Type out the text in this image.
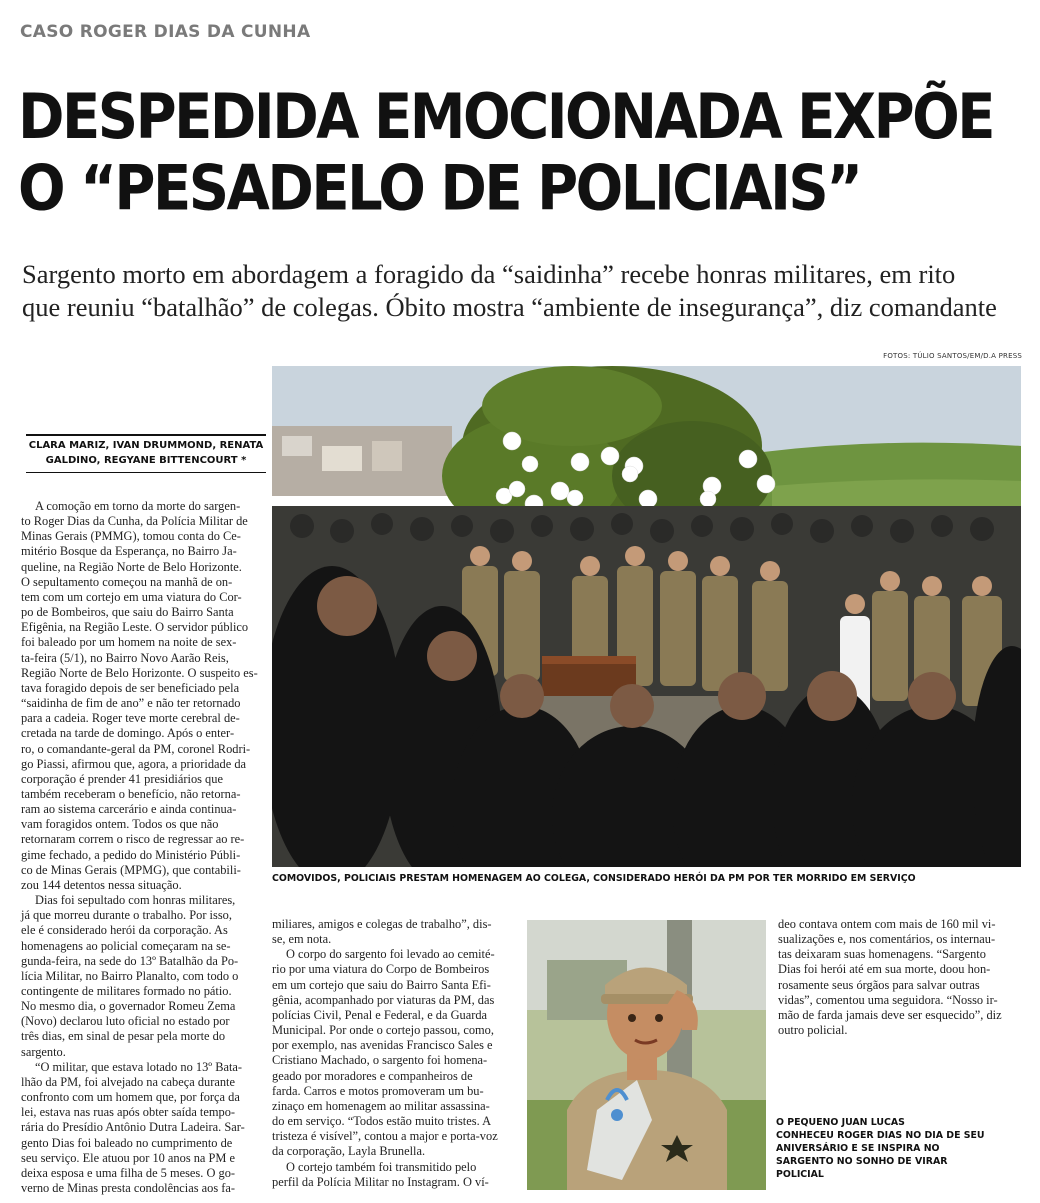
CASO ROGER DIAS DA CUNHA
DESPEDIDA EMOCIONADA EXPÕE
O “PESADELO DE POLICIAIS”
Sargento morto em abordagem a foragido da “saidinha” recebe honras militares, em rito
que reuniu “batalhão” de colegas. Óbito mostra “ambiente de insegurança”, diz comandante
FOTOS: TÚLIO SANTOS/EM/D.A PRESS
COMOVIDOS, POLICIAIS PRESTAM HOMENAGEM AO COLEGA, CONSIDERADO HERÓI DA PM POR TER MORRIDO EM SERVIÇO
CLARA MARIZ, IVAN DRUMMOND, RENATA
GALDINO, REGYANE BITTENCOURT *
A comoção em torno da morte do sargen-
to Roger Dias da Cunha, da Polícia Militar de
Minas Gerais (PMMG), tomou conta do Ce-
mitério Bosque da Esperança, no Bairro Ja-
queline, na Região Norte de Belo Horizonte.
O sepultamento começou na manhã de on-
tem com um cortejo em uma viatura do Cor-
po de Bombeiros, que saiu do Bairro Santa
Efigênia, na Região Leste. O servidor público
foi baleado por um homem na noite de sex-
ta-feira (5/1), no Bairro Novo Aarão Reis,
Região Norte de Belo Horizonte. O suspeito es-
tava foragido depois de ser beneficiado pela
“saidinha de fim de ano” e não ter retornado
para a cadeia. Roger teve morte cerebral de-
cretada na tarde de domingo. Após o enter-
ro, o comandante-geral da PM, coronel Rodri-
go Piassi, afirmou que, agora, a prioridade da
corporação é prender 41 presidiários que
também receberam o benefício, não retorna-
ram ao sistema carcerário e ainda continua-
vam foragidos ontem. Todos os que não
retornaram correm o risco de regressar ao re-
gime fechado, a pedido do Ministério Públi-
co de Minas Gerais (MPMG), que contabili-
zou 144 detentos nessa situação.
Dias foi sepultado com honras militares,
já que morreu durante o trabalho. Por isso,
ele é considerado herói da corporação. As
homenagens ao policial começaram na se-
gunda-feira, na sede do 13º Batalhão da Po-
lícia Militar, no Bairro Planalto, com todo o
contingente de militares formado no pátio.
No mesmo dia, o governador Romeu Zema
(Novo) declarou luto oficial no estado por
três dias, em sinal de pesar pela morte do
sargento.
“O militar, que estava lotado no 13º Bata-
lhão da PM, foi alvejado na cabeça durante
confronto com um homem que, por força da
lei, estava nas ruas após obter saída tempo-
rária do Presídio Antônio Dutra Ladeira. Sar-
gento Dias foi baleado no cumprimento de
seu serviço. Ele atuou por 10 anos na PM e
deixa esposa e uma filha de 5 meses. O go-
verno de Minas presta condolências aos fa-
miliares, amigos e colegas de trabalho”, dis-
se, em nota.
O corpo do sargento foi levado ao cemité-
rio por uma viatura do Corpo de Bombeiros
em um cortejo que saiu do Bairro Santa Efi-
gênia, acompanhado por viaturas da PM, das
polícias Civil, Penal e Federal, e da Guarda
Municipal. Por onde o cortejo passou, como,
por exemplo, nas avenidas Francisco Sales e
Cristiano Machado, o sargento foi homena-
geado por moradores e companheiros de
farda. Carros e motos promoveram um bu-
zinaço em homenagem ao militar assassina-
do em serviço. “Todos estão muito tristes. A
tristeza é visível”, contou a major e porta-voz
da corporação, Layla Brunella.
O cortejo também foi transmitido pelo
perfil da Polícia Militar no Instagram. O ví-
deo contava ontem com mais de 160 mil vi-
sualizações e, nos comentários, os internau-
tas deixaram suas homenagens. “Sargento
Dias foi herói até em sua morte, doou hon-
rosamente seus órgãos para salvar outras
vidas”, comentou uma seguidora. “Nosso ir-
mão de farda jamais deve ser esquecido”, diz
outro policial.
O PEQUENO JUAN LUCAS
CONHECEU ROGER DIAS NO DIA DE SEU
ANIVERSÁRIO E SE INSPIRA NO
SARGENTO NO SONHO DE VIRAR
POLICIAL
